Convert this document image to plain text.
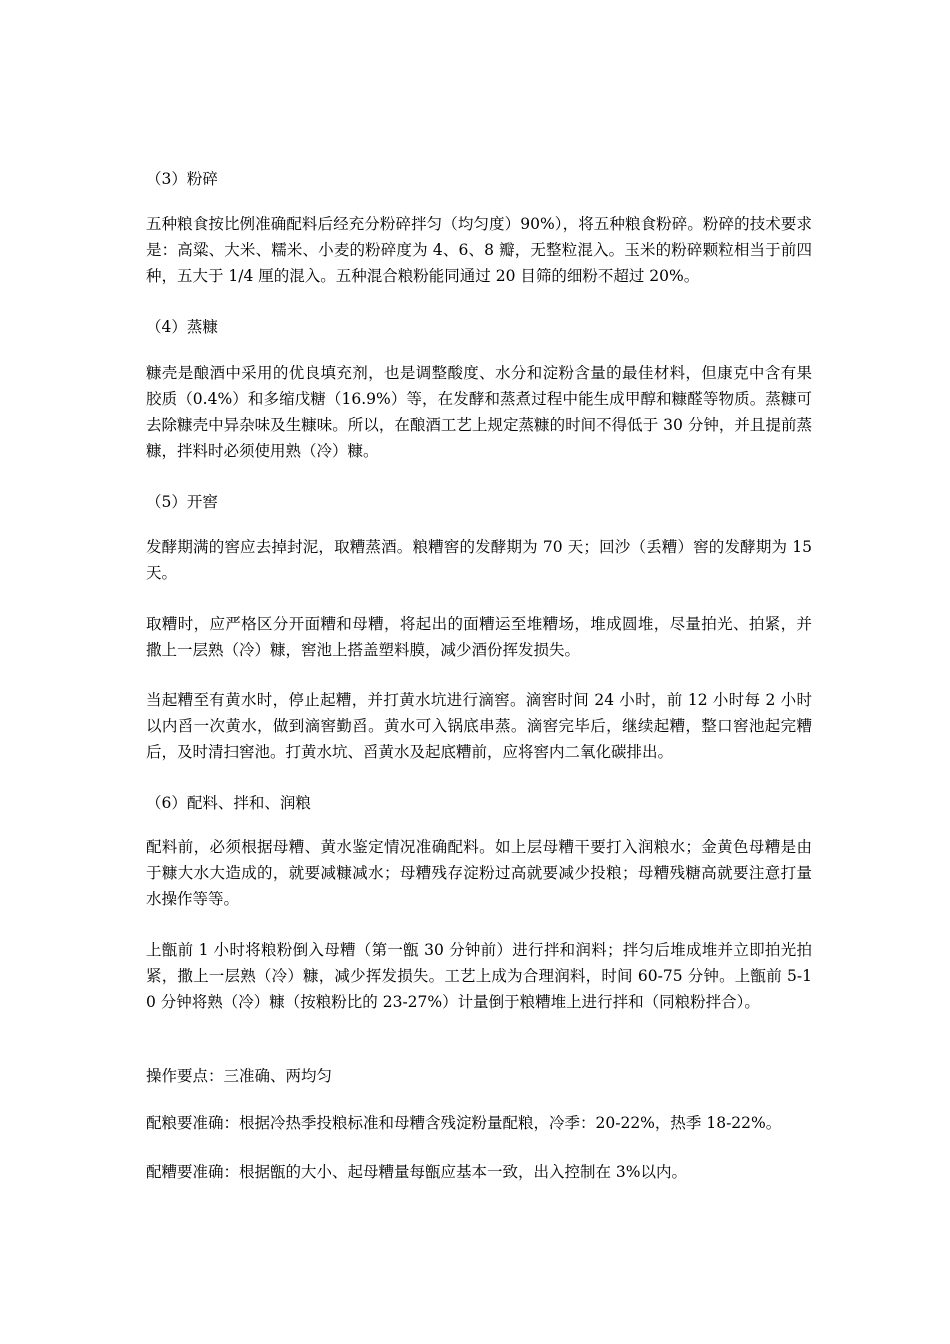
（3）粉碎
五种粮食按比例准确配料后经充分粉碎拌匀（均匀度）90%），将五种粮食粉碎。粉碎的技术要求是：高粱、大米、糯米、小麦的粉碎度为 4、6、8 瓣，无整粒混入。玉米的粉碎颗粒相当于前四种，五大于 1/4 厘的混入。五种混合粮粉能同通过 20 目筛的细粉不超过 20%。
（4）蒸糠
糠壳是酿酒中采用的优良填充剂，也是调整酸度、水分和淀粉含量的最佳材料，但康克中含有果胶质（0.4%）和多缩戊糖（16.9%）等，在发酵和蒸煮过程中能生成甲醇和糠醛等物质。蒸糠可去除糠壳中异杂味及生糠味。所以，在酿酒工艺上规定蒸糠的时间不得低于 30 分钟，并且提前蒸糠，拌料时必须使用熟（冷）糠。
（5）开窖
发酵期满的窖应去掉封泥，取糟蒸酒。粮糟窖的发酵期为 70 天；回沙（丢糟）窖的发酵期为 15 天。
取糟时，应严格区分开面糟和母糟，将起出的面糟运至堆糟场，堆成圆堆，尽量拍光、拍紧，并撒上一层熟（冷）糠，窖池上搭盖塑料膜，减少酒份挥发损失。
当起糟至有黄水时，停止起糟，并打黄水坑进行滴窖。滴窖时间 24 小时，前 12 小时每 2 小时以内舀一次黄水，做到滴窖勤舀。黄水可入锅底串蒸。滴窖完毕后，继续起糟，整口窖池起完糟后，及时清扫窖池。打黄水坑、舀黄水及起底糟前，应将窖内二氧化碳排出。
（6）配料、拌和、润粮
配料前，必须根据母糟、黄水鉴定情况准确配料。如上层母糟干要打入润粮水；金黄色母糟是由于糠大水大造成的，就要减糠减水；母糟残存淀粉过高就要减少投粮；母糟残糖高就要注意打量水操作等等。
上甑前 1 小时将粮粉倒入母糟（第一甑 30 分钟前）进行拌和润料；拌匀后堆成堆并立即拍光拍紧，撒上一层熟（冷）糠，减少挥发损失。工艺上成为合理润料，时间 60-75 分钟。上甑前 5-10 分钟将熟（冷）糠（按粮粉比的 23-27%）计量倒于粮糟堆上进行拌和（同粮粉拌合）。
操作要点：三准确、两均匀
配粮要准确：根据冷热季投粮标准和母糟含残淀粉量配粮，冷季：20-22%，热季 18-22%。
配糟要准确：根据甑的大小、起母糟量每甑应基本一致，出入控制在 3%以内。
